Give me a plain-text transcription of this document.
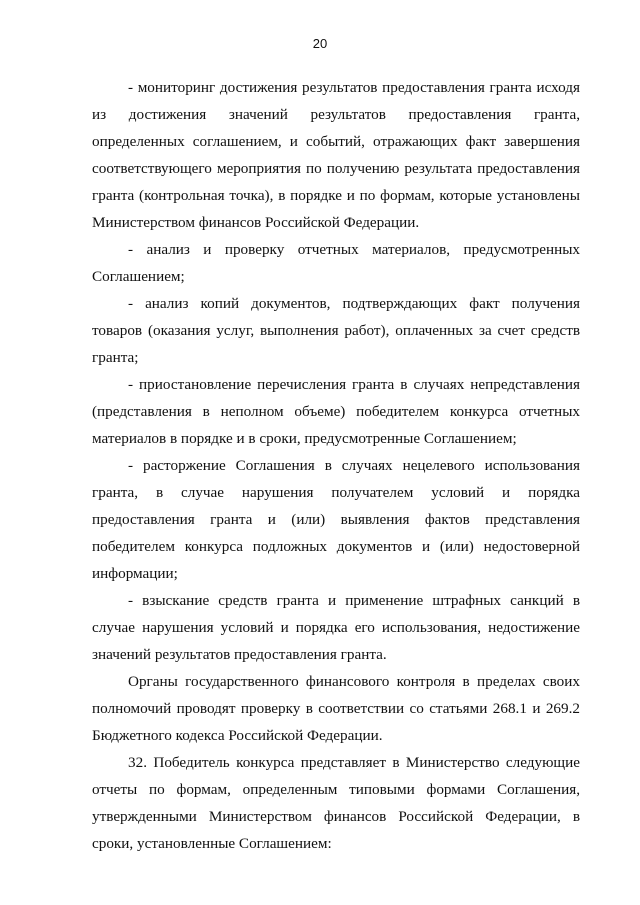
20

- мониторинг достижения результатов предоставления гранта исходя из достижения значений результатов предоставления гранта, определенных соглашением, и событий, отражающих факт завершения соответствующего мероприятия по получению результата предоставления гранта (контрольная точка), в порядке и по формам, которые установлены Министерством финансов Российской Федерации.

- анализ и проверку отчетных материалов, предусмотренных Соглашением;

- анализ копий документов, подтверждающих факт получения товаров (оказания услуг, выполнения работ), оплаченных за счет средств гранта;

- приостановление перечисления гранта в случаях непредставления (представления в неполном объеме) победителем конкурса отчетных материалов в порядке и в сроки, предусмотренные Соглашением;

- расторжение Соглашения в случаях нецелевого использования гранта, в случае нарушения получателем условий и порядка предоставления гранта и (или) выявления фактов представления победителем конкурса подложных документов и (или) недостоверной информации;

- взыскание средств гранта и применение штрафных санкций в случае нарушения условий и порядка его использования, недостижение значений результатов предоставления гранта.

Органы государственного финансового контроля в пределах своих полномочий проводят проверку в соответствии со статьями 268.1 и 269.2 Бюджетного кодекса Российской Федерации.

32. Победитель конкурса представляет в Министерство следующие отчеты по формам, определенным типовыми формами Соглашения, утвержденными Министерством финансов Российской Федерации, в сроки, установленные Соглашением:
